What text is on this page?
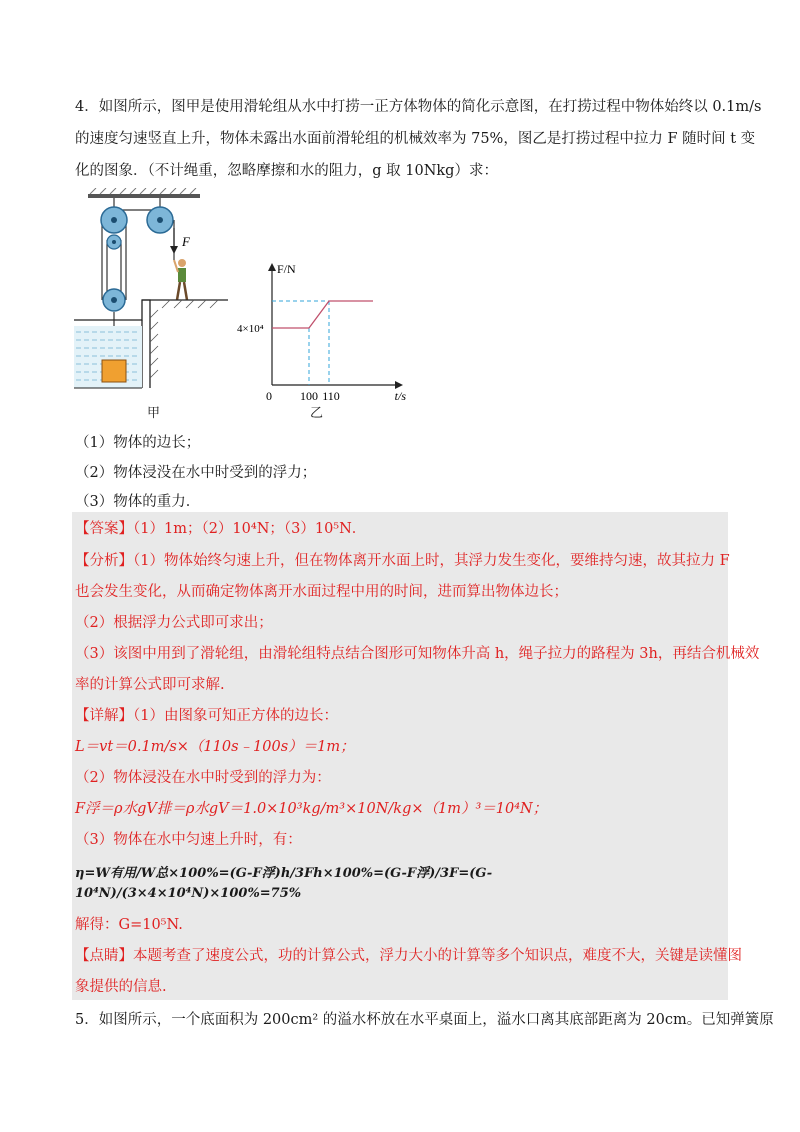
4．如图所示，图甲是使用滑轮组从水中打捞一正方体物体的简化示意图，在打捞过程中物体始终以 0.1m/s
的速度匀速竖直上升，物体未露出水面前滑轮组的机械效率为 75%，图乙是打捞过程中拉力 F 随时间 t 变
化的图象．（不计绳重，忽略摩擦和水的阻力，g 取 10Nkg）求：
F
甲
F/N
t/s
0
4×10⁴
100 110
乙
（1）物体的边长；
（2）物体浸没在水中时受到的浮力；
（3）物体的重力．
【答案】（1）1m；（2）10⁴N；（3）10⁵N．
【分析】（1）物体始终匀速上升，但在物体离开水面上时，其浮力发生变化，要维持匀速，故其拉力 F
也会发生变化，从而确定物体离开水面过程中用的时间，进而算出物体边长；
（2）根据浮力公式即可求出；
（3）该图中用到了滑轮组，由滑轮组特点结合图形可知物体升高 h，绳子拉力的路程为 3h，再结合机械效
率的计算公式即可求解.
【详解】（1）由图象可知正方体的边长：
L＝vt＝0.1m/s×（110s﹣100s）＝1m；
（2）物体浸没在水中时受到的浮力为：
F浮＝ρ水gV排＝ρ水gV＝1.0×10³kg/m³×10N/kg×（1m）³＝10⁴N；
（3）物体在水中匀速上升时，有：
η=W有用/W总×100%=(G-F浮)h/3Fh×100%=(G-F浮)/3F=(G-10⁴N)/(3×4×10⁴N)×100%=75%
解得：G=10⁵N.
【点睛】本题考查了速度公式，功的计算公式，浮力大小的计算等多个知识点，难度不大，关键是读懂图
象提供的信息.
5．如图所示，一个底面积为 200cm² 的溢水杯放在水平桌面上，溢水口离其底部距离为 20cm。已知弹簧原
